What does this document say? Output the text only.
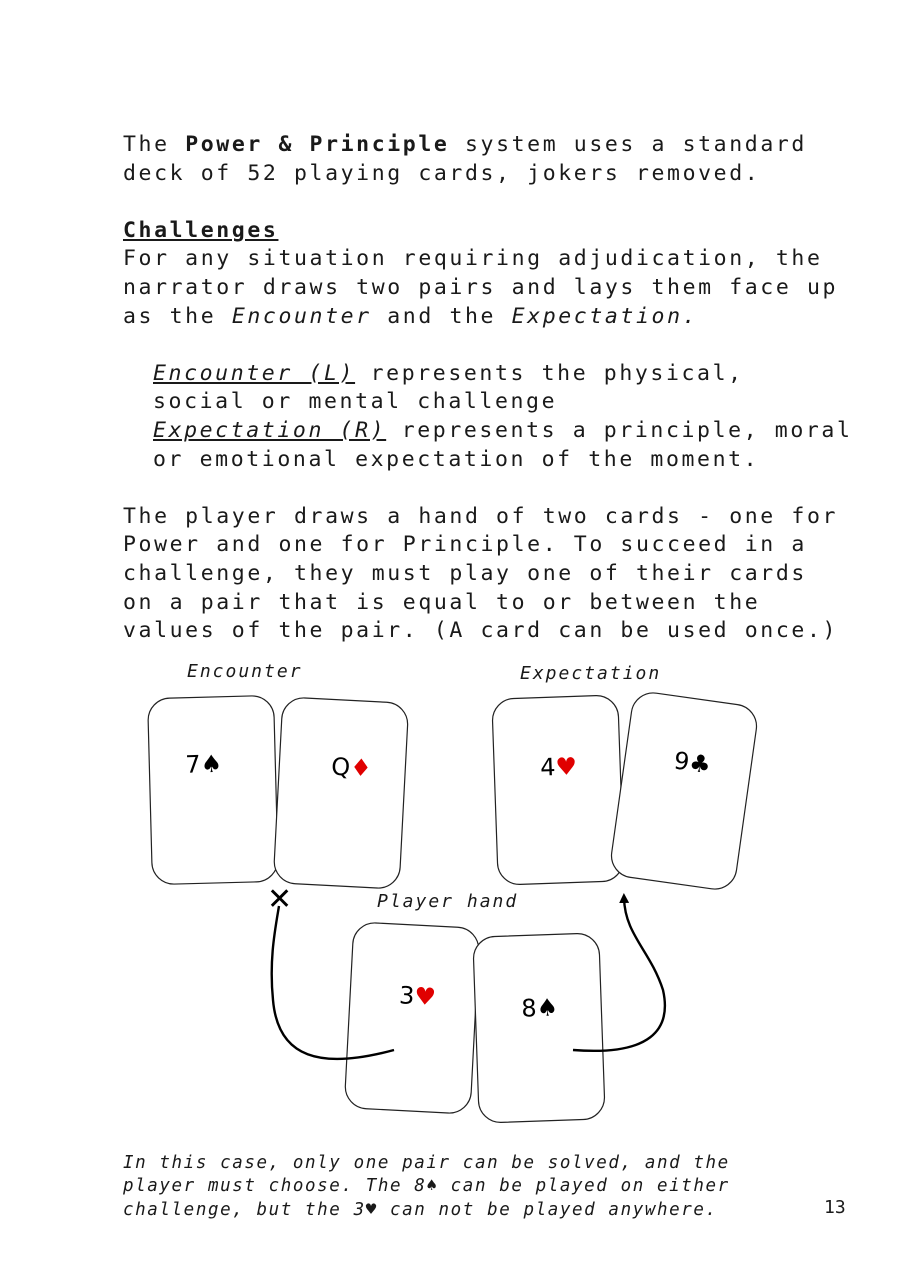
The Power & Principle system uses a standard

deck of 52 playing cards, jokers removed.

Challenges

For any situation requiring adjudication, the

narrator draws two pairs and lays them face up

as the Encounter and the Expectation.

Encounter (L) represents the physical,

social or mental challenge

Expectation (R) represents a principle, moral

or emotional expectation of the moment.

The player draws a hand of two cards - one for

Power and one for Principle. To succeed in a

challenge, they must play one of their cards

on a pair that is equal to or between the

values of the pair. (A card can be used once.)

Encounter	Expectation
Player hand
7♠	Q♦	4♥	9♣
3♥	8♠
✕
In this case, only one pair can be solved, and the
player must choose. The 8♠ can be played on either
challenge, but the 3♥ can not be played anywhere.	13
